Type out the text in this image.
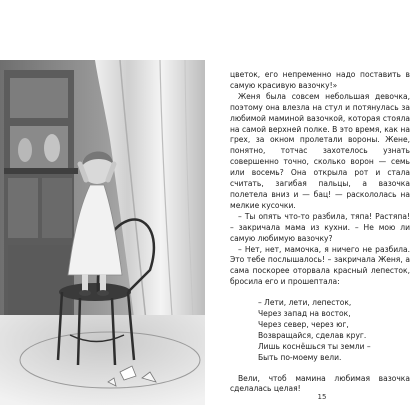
цветок, его непременно надо поставить в самую красивую вазочку!»

Женя была совсем небольшая девочка, поэтому она влезла на стул и потянулась за любимой маминой вазочкой, которая стояла на самой верхней полке. В это время, как на грех, за окном пролетали вороны. Жене, понятно, тотчас захотелось узнать совершенно точно, сколько ворон — семь или восемь? Она открыла рот и стала считать, загибая пальцы, а вазочка полетела вниз и — бац! — раскололась на мелкие кусочки.

– Ты опять что-то разбила, тяпа! Растяпа! – закричала мама из кухни. – Не мою ли самую любимую вазочку?

– Нет, нет, мамочка, я ничего не разбила. Это тебе послышалось! – закричала Женя, а сама поскорее оторвала красный лепесток, бросила его и прошептала:

– Лети, лети, лепесток,
Через запад на восток,
Через север, через юг,
Возвращайся, сделав круг.
Лишь коснёшься ты земли –
Быть по-моему вели.

Вели, чтоб мамина любимая вазочка сделалась целая!

15
